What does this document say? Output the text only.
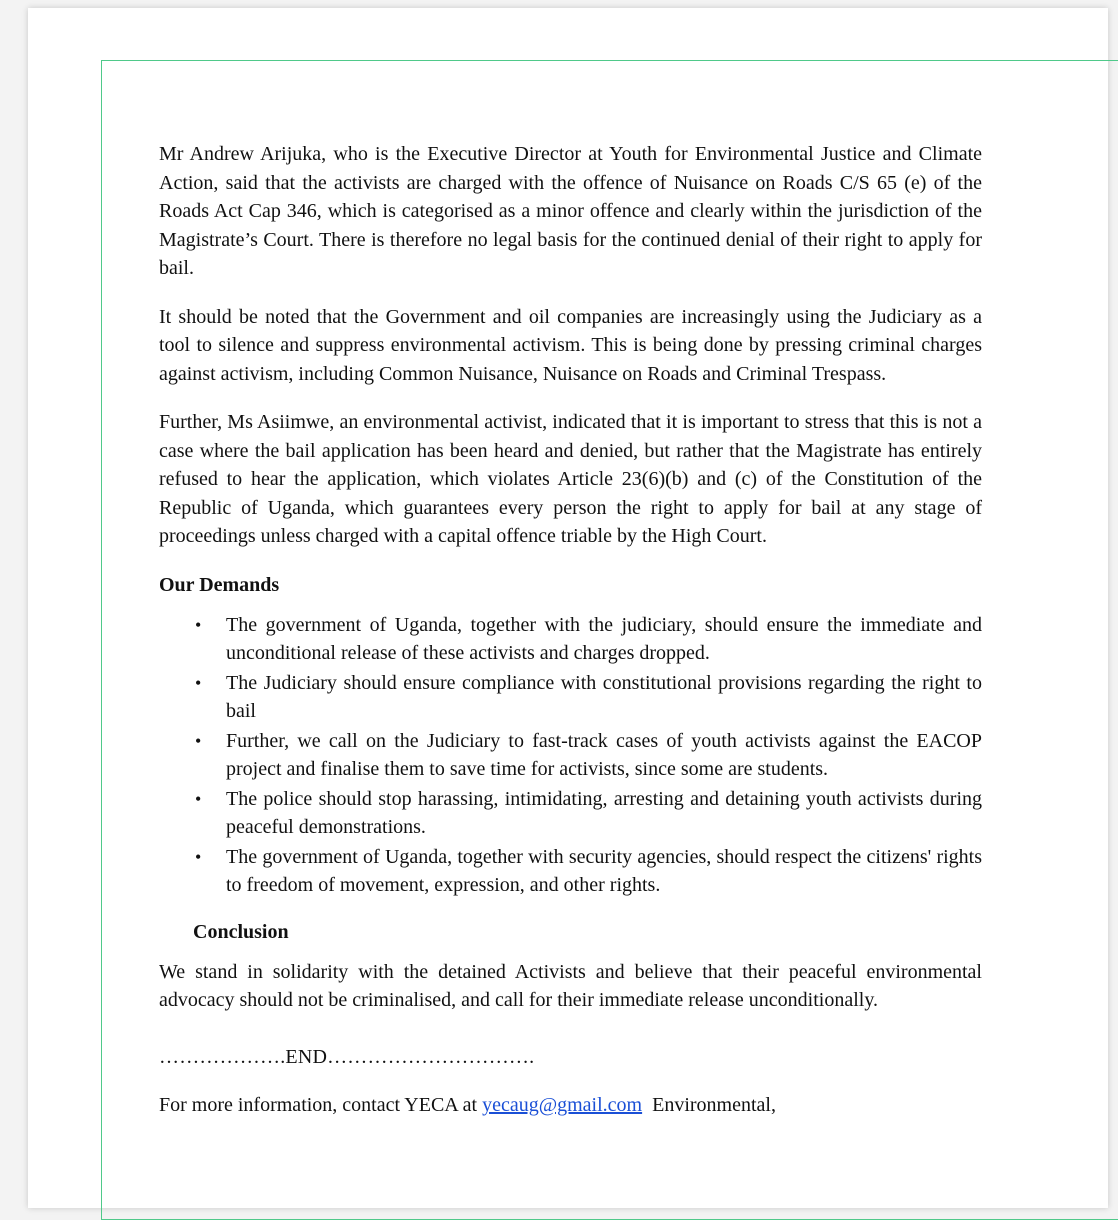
Mr Andrew Arijuka, who is the Executive Director at Youth for Environmental Justice and Climate Action, said that the activists are charged with the offence of Nuisance on Roads C/S 65 (e) of the Roads Act Cap 346, which is categorised as a minor offence and clearly within the jurisdiction of the Magistrate’s Court. There is therefore no legal basis for the continued denial of their right to apply for bail.

It should be noted that the Government and oil companies are increasingly using the Judiciary as a tool to silence and suppress environmental activism. This is being done by pressing criminal charges against activism, including Common Nuisance, Nuisance on Roads and Criminal Trespass.

Further, Ms Asiimwe, an environmental activist, indicated that it is important to stress that this is not a case where the bail application has been heard and denied, but rather that the Magistrate has entirely refused to hear the application, which violates Article 23(6)(b) and (c) of the Constitution of the Republic of Uganda, which guarantees every person the right to apply for bail at any stage of proceedings unless charged with a capital offence triable by the High Court.

Our Demands
• The government of Uganda, together with the judiciary, should ensure the immediate and unconditional release of these activists and charges dropped.
• The Judiciary should ensure compliance with constitutional provisions regarding the right to bail
• Further, we call on the Judiciary to fast-track cases of youth activists against the EACOP project and finalise them to save time for activists, since some are students.
• The police should stop harassing, intimidating, arresting and detaining youth activists during peaceful demonstrations.
• The government of Uganda, together with security agencies, should respect the citizens' rights to freedom of movement, expression, and other rights.
Conclusion

We stand in solidarity with the detained Activists and believe that their peaceful environmental advocacy should not be criminalised, and call for their immediate release unconditionally.

……………….END………………………….
For more information, contact YECA at yecaug@gmail.com  Environmental,
